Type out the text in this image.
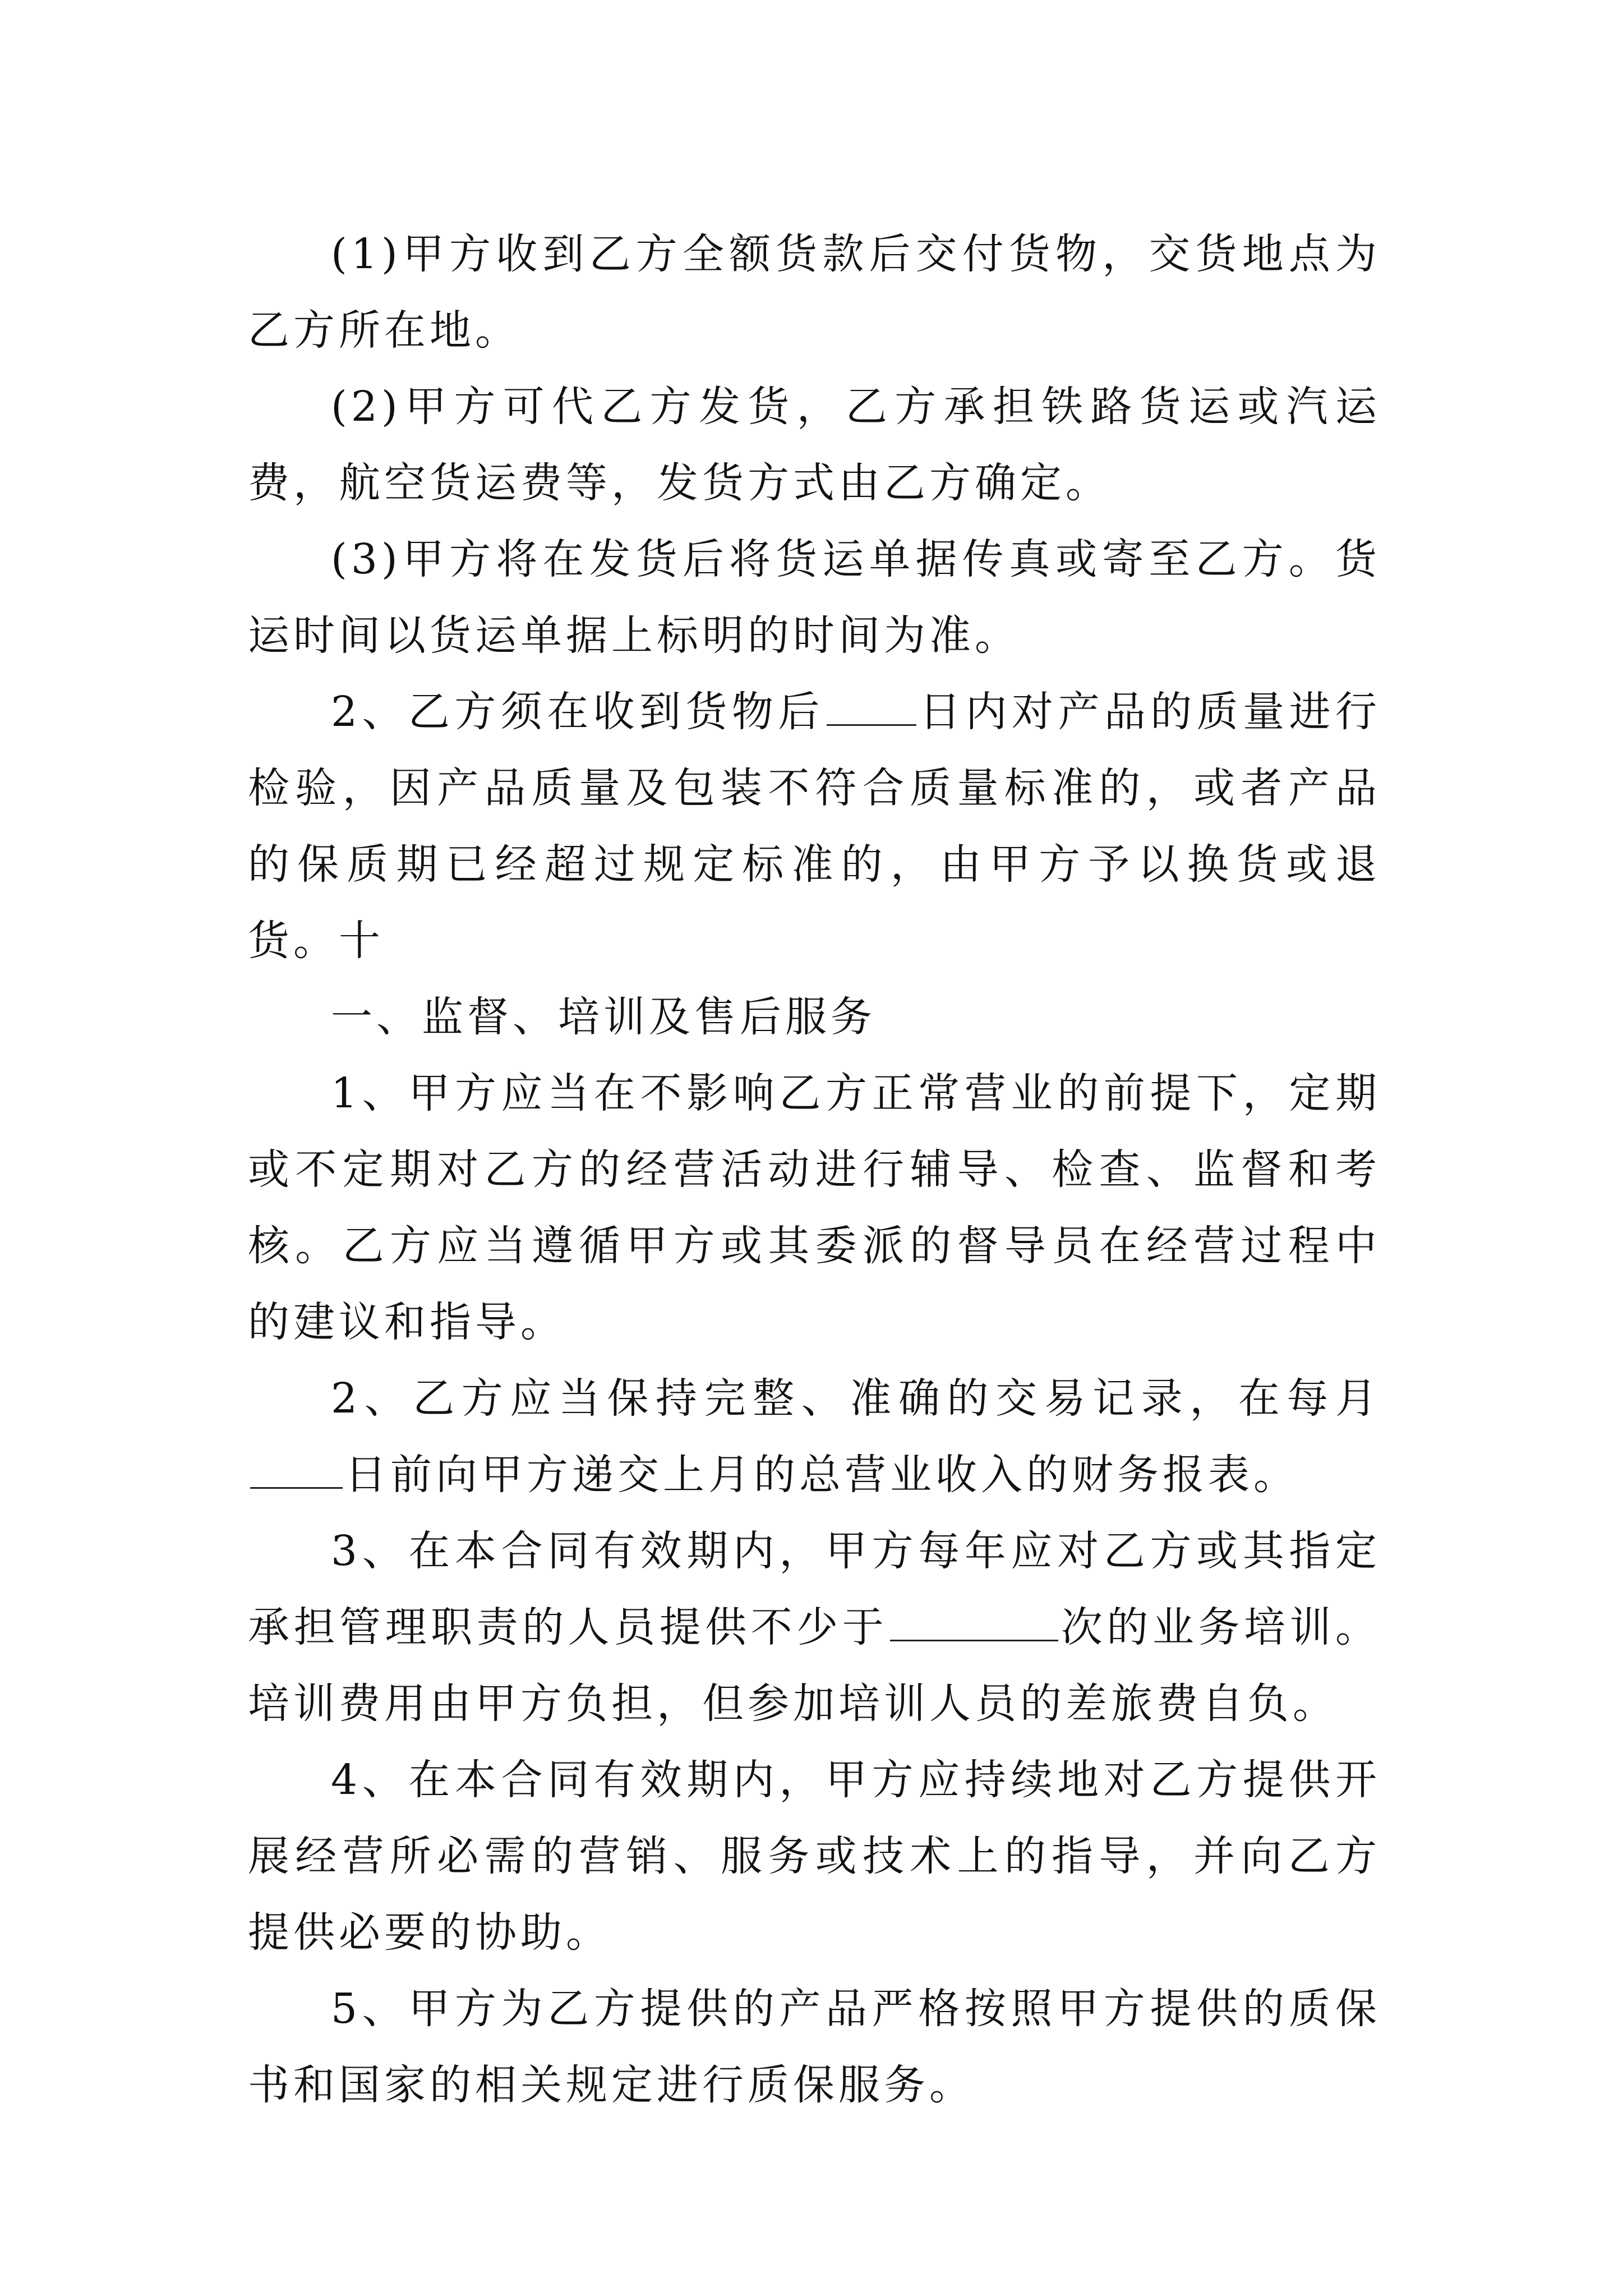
(1)甲方收到乙方全额货款后交付货物，交货地点为乙方所在地。

(2)甲方可代乙方发货，乙方承担铁路货运或汽运费，航空货运费等，发货方式由乙方确定。

(3)甲方将在发货后将货运单据传真或寄至乙方。货运时间以货运单据上标明的时间为准。

2、乙方须在收到货物后 日内对产品的质量进行检验，因产品质量及包装不符合质量标准的，或者产品的保质期已经超过规定标准的，由甲方予以换货或退货。十

一、监督、培训及售后服务

1、甲方应当在不影响乙方正常营业的前提下，定期或不定期对乙方的经营活动进行辅导、检查、监督和考核。乙方应当遵循甲方或其委派的督导员在经营过程中的建议和指导。

2、乙方应当保持完整、准确的交易记录，在每月日前向甲方递交上月的总营业收入的财务报表。

3、在本合同有效期内，甲方每年应对乙方或其指定承担管理职责的人员提供不少于	次的业务培训。培训费用由甲方负担，但参加培训人员的差旅费自负。

4、在本合同有效期内，甲方应持续地对乙方提供开展经营所必需的营销、服务或技术上的指导，并向乙方提供必要的协助。

5、甲方为乙方提供的产品严格按照甲方提供的质保书和国家的相关规定进行质保服务。
